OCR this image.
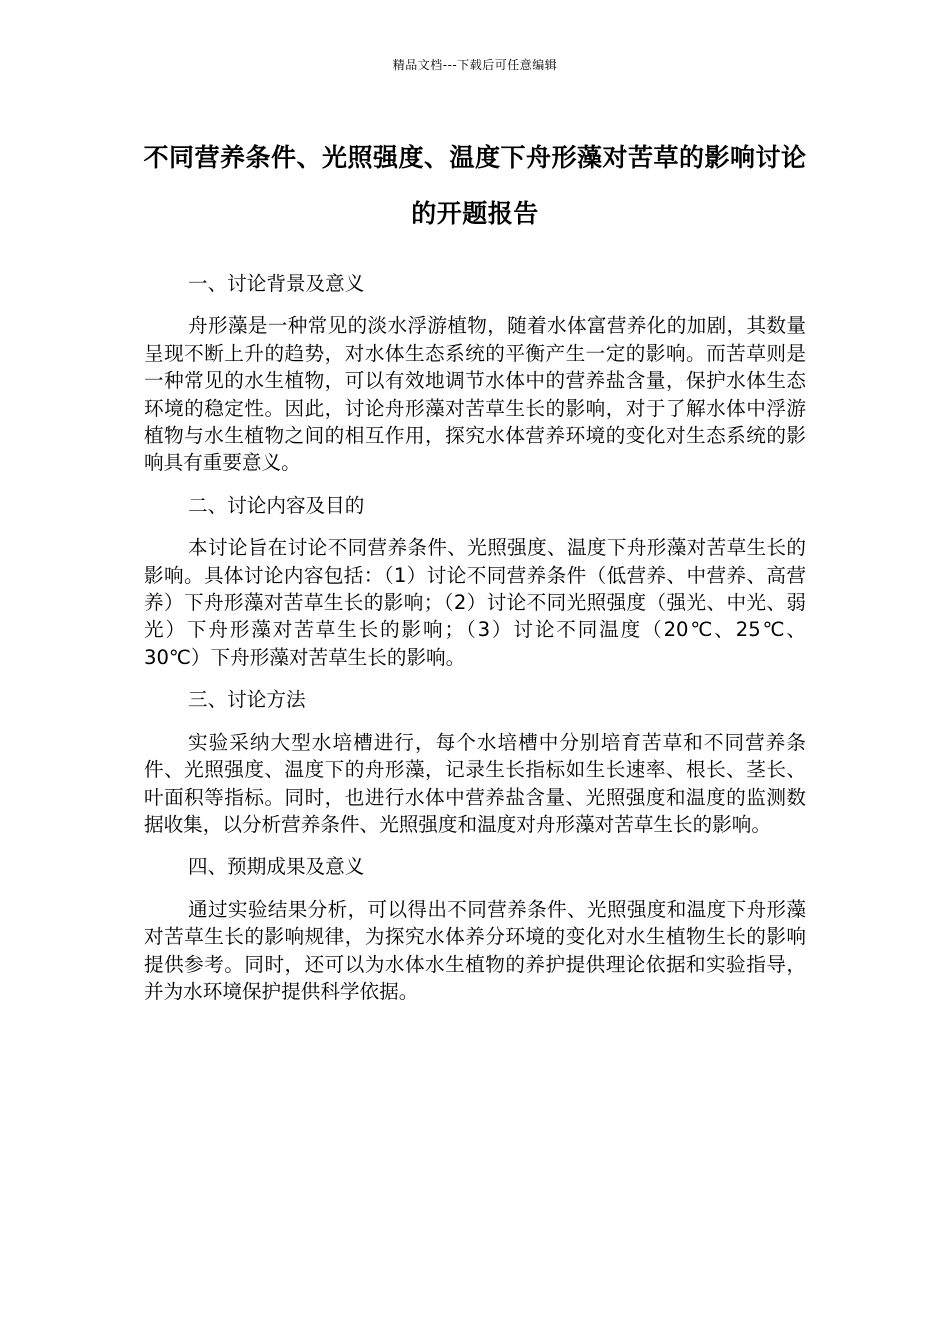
精品文档---下载后可任意编辑
不同营养条件、光照强度、温度下舟形藻对苦草的影响讨论的开题报告

一、讨论背景及意义

舟形藻是一种常见的淡水浮游植物，随着水体富营养化的加剧，其数量呈现不断上升的趋势，对水体生态系统的平衡产生一定的影响。而苦草则是一种常见的水生植物，可以有效地调节水体中的营养盐含量，保护水体生态环境的稳定性。因此，讨论舟形藻对苦草生长的影响，对于了解水体中浮游植物与水生植物之间的相互作用，探究水体营养环境的变化对生态系统的影响具有重要意义。

二、讨论内容及目的

本讨论旨在讨论不同营养条件、光照强度、温度下舟形藻对苦草生长的影响。具体讨论内容包括：（1）讨论不同营养条件（低营养、中营养、高营养）下舟形藻对苦草生长的影响；（2）讨论不同光照强度（强光、中光、弱光）下舟形藻对苦草生长的影响；（3）讨论不同温度（20℃、25℃、30℃）下舟形藻对苦草生长的影响。

三、讨论方法

实验采纳大型水培槽进行，每个水培槽中分别培育苦草和不同营养条件、光照强度、温度下的舟形藻，记录生长指标如生长速率、根长、茎长、叶面积等指标。同时，也进行水体中营养盐含量、光照强度和温度的监测数据收集，以分析营养条件、光照强度和温度对舟形藻对苦草生长的影响。

四、预期成果及意义

通过实验结果分析，可以得出不同营养条件、光照强度和温度下舟形藻对苦草生长的影响规律，为探究水体养分环境的变化对水生植物生长的影响提供参考。同时，还可以为水体水生植物的养护提供理论依据和实验指导，并为水环境保护提供科学依据。
